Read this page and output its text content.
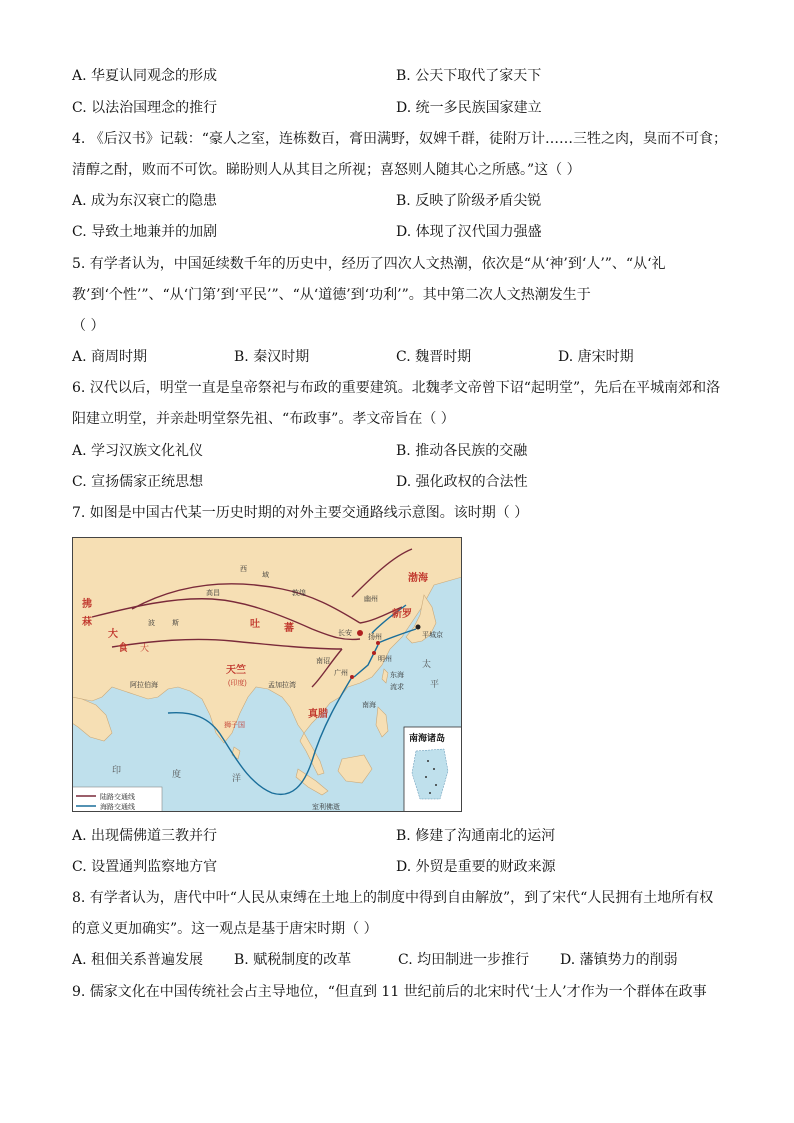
A. 华夏认同观念的形成	B. 公天下取代了家天下
C. 以法治国理念的推行	D. 统一多民族国家建立
4. 《后汉书》记载：“豪人之室，连栋数百，膏田满野，奴婢千群，徒附万计……三牲之肉，臭而不可食；
清醇之酎，败而不可饮。睇盼则人从其目之所视；喜怒则人随其心之所感。”这（ ）
A. 成为东汉衰亡的隐患	B. 反映了阶级矛盾尖锐
C. 导致土地兼并的加剧	D. 体现了汉代国力强盛
5. 有学者认为，中国延续数千年的历史中，经历了四次人文热潮，依次是“从‘神’到‘人’”、“从‘礼
教’到‘个性’”、“从‘门第’到‘平民’”、“从‘道德’到‘功利’”。其中第二次人文热潮发生于
（ ）
A. 商周时期	B. 秦汉时期	C. 魏晋时期	D. 唐宋时期
6. 汉代以后，明堂一直是皇帝祭祀与布政的重要建筑。北魏孝文帝曾下诏“起明堂”，先后在平城南郊和洛
阳建立明堂，并亲赴明堂祭先祖、“布政事”。孝文帝旨在（ ）
A. 学习汉族文化礼仪	B. 推动各民族的交融
C. 宣扬儒家正统思想	D. 强化政权的合法性
7. 如图是中国古代某一历史时期的对外主要交通路线示意图。该时期（ ）
西
域
敦煌
高昌
波 斯
长安
扬州
明州
广州
幽州
平城京
大
阿拉伯海	孟加拉湾
南海
东海
流求
室利佛逝
南诏
拂
菻
大
食
吐 蕃
天竺
渤海
新罗
真腊
(印度)
狮子国
太
平
印	度	洋
南海诸岛
陆路交通线
海路交通线
A. 出现儒佛道三教并行	B. 修建了沟通南北的运河
C. 设置通判监察地方官	D. 外贸是重要的财政来源
8. 有学者认为，唐代中叶“人民从束缚在土地上的制度中得到自由解放”，到了宋代“人民拥有土地所有权
的意义更加确实”。这一观点是基于唐宋时期（ ）
A. 租佃关系普遍发展 B. 赋税制度的改革	C. 均田制进一步推行 D. 藩镇势力的削弱
9. 儒家文化在中国传统社会占主导地位，“但直到 11 世纪前后的北宋时代‘士人’才作为一个群体在政事
